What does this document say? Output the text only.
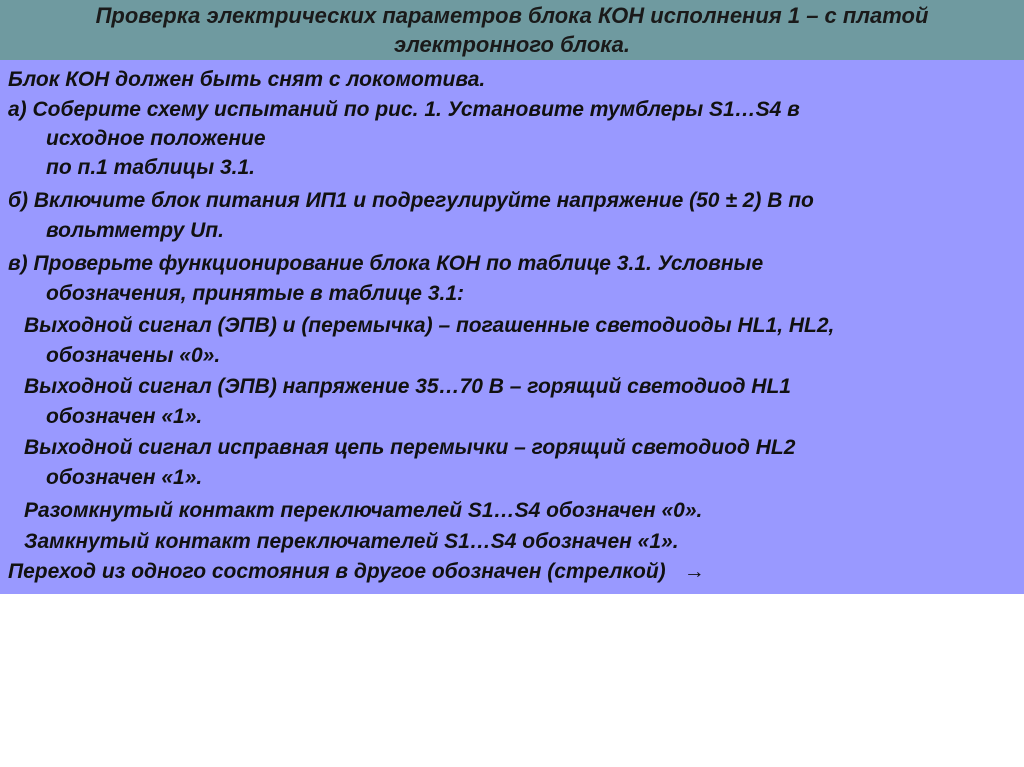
Проверка электрических параметров блока КОН исполнения 1 – с платой
электронного блока.
Блок КОН должен быть снят с локомотива.
а) Соберите схему испытаний по рис. 1. Установите тумблеры S1…S4 в
исходное положение
по п.1 таблицы 3.1.
б) Включите блок питания ИП1 и подрегулируйте напряжение (50 ± 2) В по
вольтметру Uп.
в) Проверьте функционирование блока КОН по таблице 3.1. Условные
обозначения, принятые в таблице 3.1:
Выходной сигнал (ЭПВ) и (перемычка) – погашенные светодиоды HL1, HL2,
обозначены «0».
Выходной сигнал (ЭПВ) напряжение 35…70 В – горящий светодиод HL1
обозначен «1».
Выходной сигнал исправная цепь перемычки – горящий светодиод HL2
обозначен «1».
Разомкнутый контакт переключателей S1…S4 обозначен «0».
Замкнутый контакт переключателей S1…S4 обозначен «1».
Переход из одного состояния в другое обозначен (стрелкой) →
